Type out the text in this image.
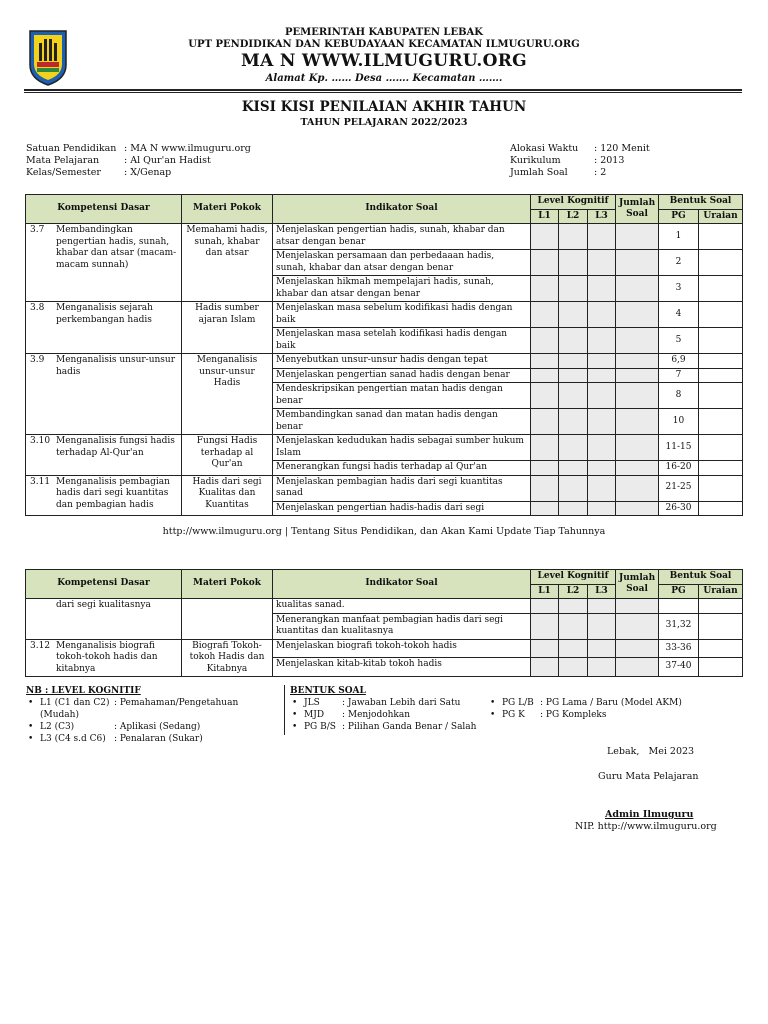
PEMERINTAH KABUPATEN LEBAK
UPT PENDIDIKAN DAN KEBUDAYAAN KECAMATAN ILMUGURU.ORG
MA N WWW.ILMUGURU.ORG
Alamat Kp. …… Desa ……. Kecamatan …….
KISI KISI PENILAIAN AKHIR TAHUN
TAHUN PELAJARAN 2022/2023
Satuan Pendidikan	: MA N www.ilmuguru.org
Mata Pelajaran	: Al Qur'an Hadist
Kelas/Semester	: X/Genap
Alokasi Waktu	: 120 Menit
Kurikulum	: 2013
Jumlah Soal	: 2
Kompetensi Dasar	Materi Pokok	Indikator Soal	Level Kognitif			Jumlah Soal	Bentuk Soal	
			L1	L2	L3		PG	Uraian

3.7 Membandingkan pengertian hadis, sunah, khabar dan atsar (macam-macam sunnah)	Memahami hadis, sunah, khabar dan atsar	Menjelaskan pengertian hadis, sunah, khabar dan atsar dengan benar					1	
		Menjelaskan persamaan dan perbedaaan hadis, sunah, khabar dan atsar dengan benar					2	
		Menjelaskan hikmah mempelajari hadis, sunah, khabar dan atsar dengan benar					3	

3.8 Menganalisis sejarah perkembangan hadis	Hadis sumber ajaran Islam	Menjelaskan masa sebelum kodifikasi hadis dengan baik					4	
		Menjelaskan masa setelah kodifikasi hadis dengan baik					5	

3.9 Menganalisis unsur-unsur hadis	Menganalisis unsur-unsur Hadis	Menyebutkan unsur-unsur hadis dengan tepat					6,9	
		Menjelaskan pengertian sanad hadis dengan benar					7	
		Mendeskripsikan pengertian matan hadis dengan benar					8	
		Membandingkan sanad dan matan hadis dengan benar					10	

3.10 Menganalisis fungsi hadis terhadap Al-Qur'an	Fungsi Hadis terhadap al Qur'an	Menjelaskan kedudukan hadis sebagai sumber hukum Islam					11-15	
		Menerangkan fungsi hadis terhadap al Qur'an					16-20	

3.11 Menganalisis pembagian hadis dari segi kuantitas dan pembagian hadis	Hadis dari segi Kualitas dan Kuantitas	Menjelaskan pembagian hadis dari segi kuantitas sanad					21-25	
		Menjelaskan pengertian hadis-hadis dari segi					26-30	
http://www.ilmuguru.org | Tentang Situs Pendidikan, dan Akan Kami Update Tiap Tahunnya
Kompetensi Dasar	Materi Pokok	Indikator Soal	Level Kognitif			Jumlah Soal	Bentuk Soal	
			L1	L2	L3		PG	Uraian

dari segi kualitasnya		kualitas sanad.						
		Menerangkan manfaat pembagian hadis dari segi kuantitas dan kualitasnya					31,32	

3.12 Menganalisis biografi tokoh-tokoh hadis dan kitabnya	Biografi Tokoh-tokoh Hadis dan Kitabnya	Menjelaskan biografi tokoh-tokoh hadis					33-36	
		Menjelaskan kitab-kitab tokoh hadis					37-40	
NB : LEVEL KOGNITIF
• L1 (C1 dan C2) : Pemahaman/Pengetahuan (Mudah)
• L2 (C3)	: Aplikasi (Sedang)
• L3 (C4 s.d C6) : Penalaran (Sukar)
BENTUK SOAL
• JLS : Jawaban Lebih dari Satu
• MJD : Menjodohkan
• PG B/S : Pilihan Ganda Benar / Salah
• PG L/B : PG Lama / Baru (Model AKM)
• PG K : PG Kompleks
Lebak,   Mei 2023
Guru Mata Pelajaran
Admin Ilmuguru
NIP. http://www.ilmuguru.org
